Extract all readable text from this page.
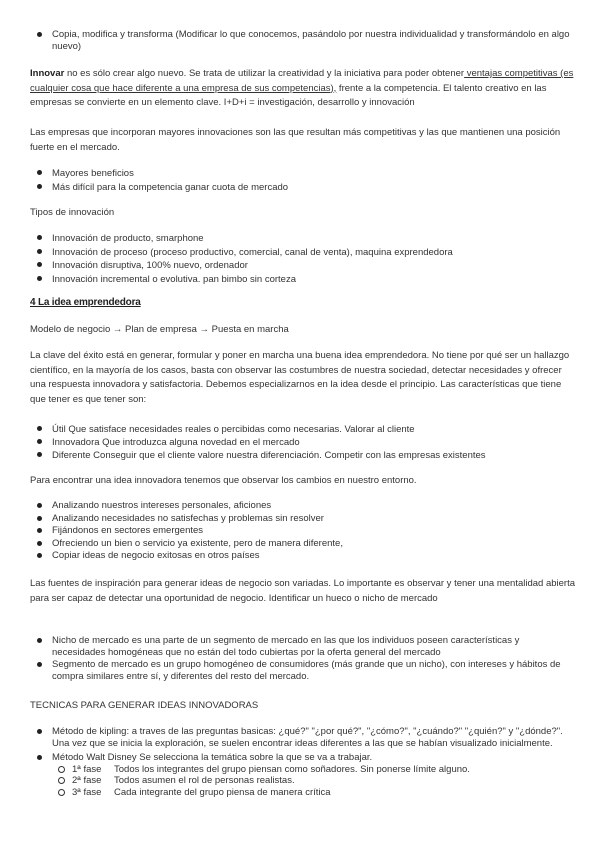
Copia, modifica y transforma (Modificar lo que conocemos, pasándolo por nuestra individualidad y transformándolo en algo nuevo)
Innovar no es sólo crear algo nuevo. Se trata de utilizar la creatividad y la iniciativa para poder obtener ventajas competitivas (es cualquier cosa que hace diferente a una empresa de sus competencias), frente a la competencia. El talento creativo en las empresas se convierte en un elemento clave. I+D+i = investigación, desarrollo y innovación
Las empresas que incorporan mayores innovaciones son las que resultan más competitivas y las que mantienen una posición fuerte en el mercado.
Mayores beneficios
Más difícil para la competencia ganar cuota de mercado
Tipos de innovación
Innovación de producto, smarphone
Innovación de proceso (proceso productivo, comercial, canal de venta), maquina exprendedora
Innovación disruptiva, 100% nuevo, ordenador
Innovación incremental o evolutiva. pan bimbo sin corteza
4 La idea emprendedora
Modelo de negocio → Plan de empresa → Puesta en marcha
La clave del éxito está en generar, formular y poner en marcha una buena idea emprendedora. No tiene por qué ser un hallazgo científico, en la mayoría de los casos, basta con observar las costumbres de nuestra sociedad, detectar necesidades y ofrecer una respuesta innovadora y satisfactoria. Debemos especializarnos en la idea desde el principio. Las características que tiene que tener es que tener son:
Útil Que satisface necesidades reales o percibidas como necesarias. Valorar al cliente
Innovadora Que introduzca alguna novedad en el mercado
Diferente Conseguir que el cliente valore nuestra diferenciación. Competir con las empresas existentes
Para encontrar una idea innovadora tenemos que observar los cambios en nuestro entorno.
Analizando nuestros intereses personales, aficiones
Analizando necesidades no satisfechas y problemas sin resolver
Fijándonos en sectores emergentes
Ofreciendo un bien o servicio ya existente, pero de manera diferente,
Copiar ideas de negocio exitosas en otros países
Las fuentes de inspiración para generar ideas de negocio son variadas. Lo importante es observar y tener una mentalidad abierta para ser capaz de detectar una oportunidad de negocio. Identificar un hueco o nicho de mercado
Nicho de mercado es una parte de un segmento de mercado en las que los individuos poseen características y necesidades homogéneas que no están del todo cubiertas por la oferta general del mercado
Segmento de mercado es un grupo homogéneo de consumidores (más grande que un nicho), con intereses y hábitos de compra similares entre sí, y diferentes del resto del mercado.
TECNICAS PARA GENERAR IDEAS INNOVADORAS
Método de kipling: a traves de las preguntas basicas: ¿qué?" "¿por qué?", "¿cómo?", "¿cuándo?" "¿quién?" y "¿dónde?". Una vez que se inicia la exploración, se suelen encontrar ideas diferentes a las que se habían visualizado inicialmente.
Método Walt Disney Se selecciona la temática sobre la que se va a trabajar.
1ª fase Todos los integrantes del grupo piensan como soñadores. Sin ponerse límite alguno.
2ª fase Todos asumen el rol de personas realistas.
3ª fase Cada integrante del grupo piensa de manera crítica
